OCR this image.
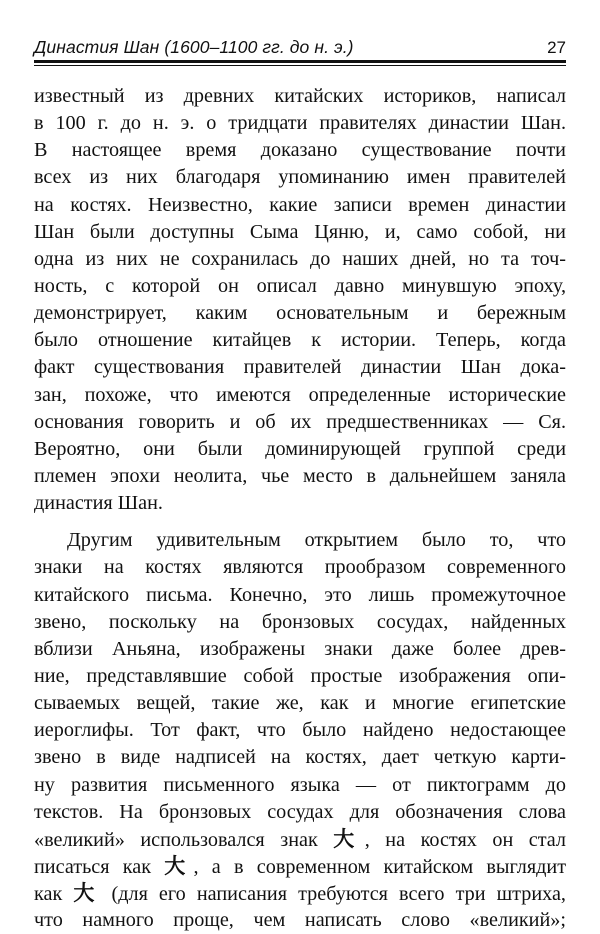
Династия Шан (1600–1100 гг. до н. э.)	27
известный из древних китайских историков, написал
в 100 г. до н. э. о тридцати правителях династии Шан.
В настоящее время доказано существование почти
всех из них благодаря упоминанию имен правителей
на костях. Неизвестно, какие записи времен династии
Шан были доступны Сыма Цяню, и, само собой, ни
одна из них не сохранилась до наших дней, но та точ-
ность, с которой он описал давно минувшую эпоху,
демонстрирует, каким основательным и бережным
было отношение китайцев к истории. Теперь, когда
факт существования правителей династии Шан дока-
зан, похоже, что имеются определенные исторические
основания говорить и об их предшественниках — Ся.
Вероятно, они были доминирующей группой среди
племен эпохи неолита, чье место в дальнейшем заняла
династия Шан.
Другим удивительным открытием было то, что
знаки на костях являются прообразом современного
китайского письма. Конечно, это лишь промежуточное
звено, поскольку на бронзовых сосудах, найденных
вблизи Аньяна, изображены знаки даже более древ-
ние, представлявшие собой простые изображения опи-
сываемых вещей, такие же, как и многие египетские
иероглифы. Тот факт, что было найдено недостающее
звено в виде надписей на костях, дает четкую карти-
ну развития письменного языка — от пиктограмм до
текстов. На бронзовых сосудах для обозначения слова
«великий» использовался знак 大, на костях он стал
писаться как 大, а в современном китайском выглядит
как 大 (для его написания требуются всего три штриха,
что намного проще, чем написать слово «великий»;
